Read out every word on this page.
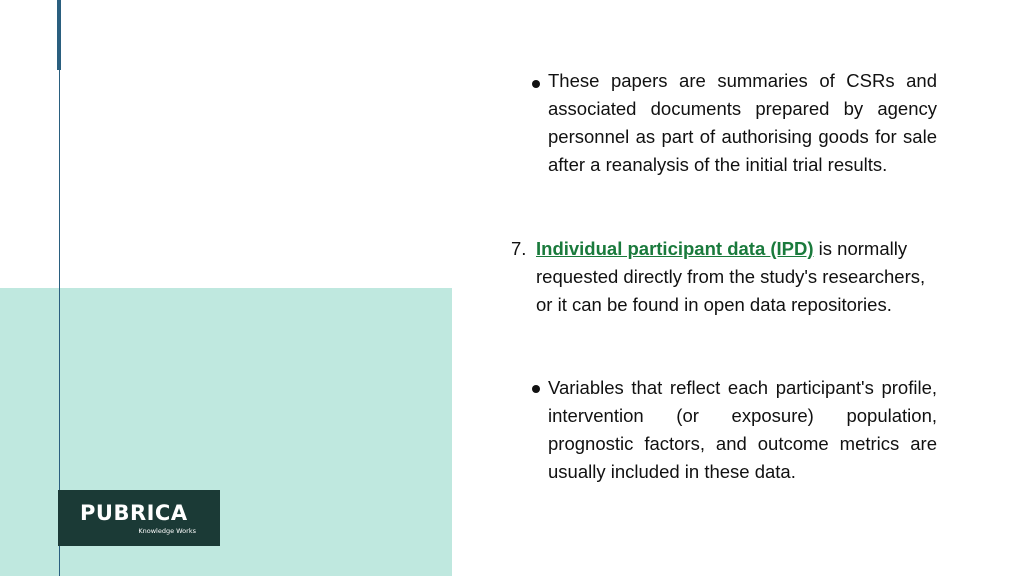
PUBRICA
Knowledge Works
These papers are summaries of CSRs and associated documents prepared by agency personnel as part of authorising goods for sale after a reanalysis of the initial trial results.
7. Individual participant data (IPD) is normally requested directly from the study's researchers, or it can be found in open data repositories.
Variables that reflect each participant's profile, intervention (or exposure) population, prognostic factors, and outcome metrics are usually included in these data.
